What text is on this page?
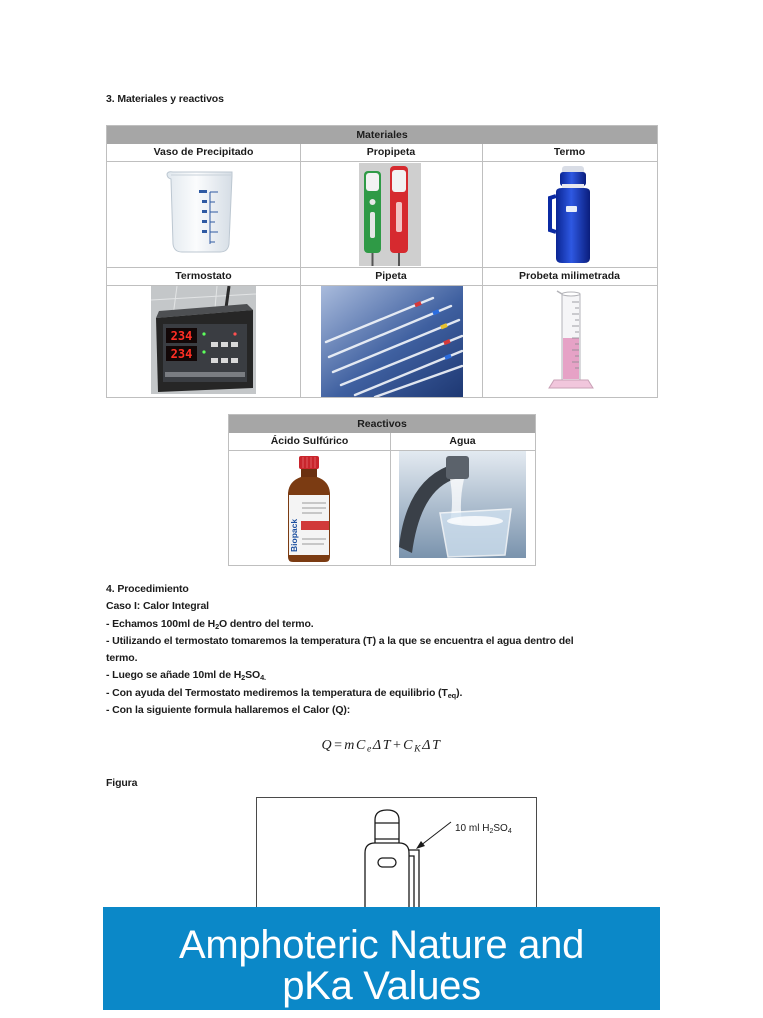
3. Materiales y reactivos
Materiales
Vaso de Precipitado	Propipeta	Termo
Termostato	Pipeta	Probeta milimetrada
234
234
Reactivos
Ácido Sulfúrico	Agua
Biopack
4. Procedimiento
Caso I: Calor Integral
- Echamos 100ml de $H_2O$ dentro del termo.
- Utilizando el termostato tomaremos la temperatura (T) a la que se encuentra el agua dentro del
termo.
- Luego se añade 10ml de $H_2SO_{4.}$
- Con ayuda del Termostato mediremos la temperatura de equilibrio $(T_{eq})$.
- Con la siguiente formula hallaremos el Calor (Q):
$Q=mC_e\Delta T+C_K\Delta T$
Figura
10 ml $H_2SO_4$
Amphoteric Nature and
pKa Values
